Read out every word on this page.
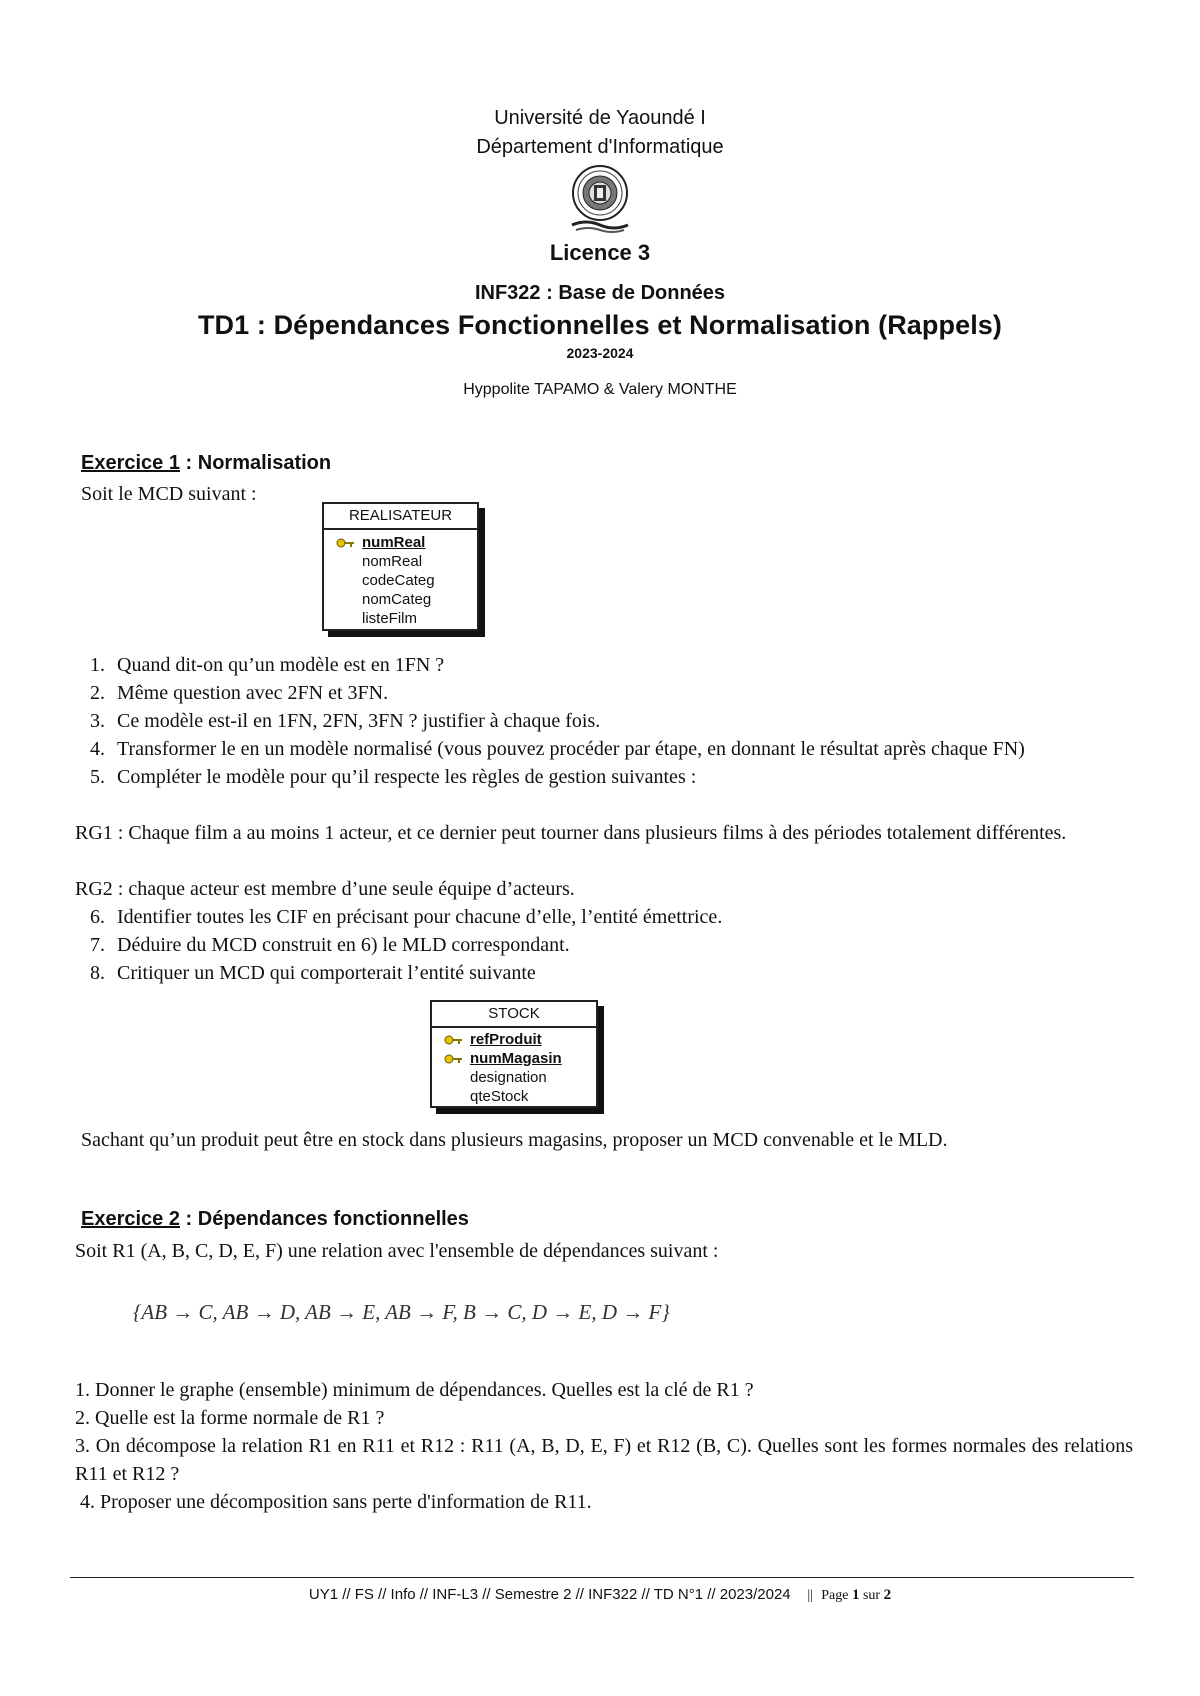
Université de Yaoundé I
Département d'Informatique
Licence 3
INF322 : Base de Données
TD1 : Dépendances Fonctionnelles et Normalisation (Rappels)
2023-2024
Hyppolite TAPAMO & Valery MONTHE
Exercice 1 : Normalisation
Soit le MCD suivant :
REALISATEUR
numReal
nomReal
codeCateg
nomCateg
listeFilm
1. Quand dit-on qu’un modèle est en 1FN ?
2. Même question avec 2FN et 3FN.
3. Ce modèle est-il en 1FN, 2FN, 3FN ? justifier à chaque fois.
4. Transformer le en un modèle normalisé (vous pouvez procéder par étape, en donnant le résultat après chaque FN)
5. Compléter le modèle pour qu’il respecte les règles de gestion suivantes :
RG1 : Chaque film a au moins 1 acteur, et ce dernier peut tourner dans plusieurs films à des périodes totalement différentes.
RG2 : chaque acteur est membre d’une seule équipe d’acteurs.
6. Identifier toutes les CIF en précisant pour chacune d’elle, l’entité émettrice.
7. Déduire du MCD construit en 6) le MLD correspondant.
8. Critiquer un MCD qui comporterait l’entité suivante
STOCK
refProduit
numMagasin
designation
qteStock
Sachant qu’un produit peut être en stock dans plusieurs magasins, proposer un MCD convenable et le MLD.
Exercice 2 : Dépendances fonctionnelles
Soit R1 (A, B, C, D, E, F) une relation avec l'ensemble de dépendances suivant :
{AB → C, AB → D, AB → E, AB → F, B → C, D → E, D → F}
1. Donner le graphe (ensemble) minimum de dépendances. Quelles est la clé de R1 ?
2. Quelle est la forme normale de R1 ?
3. On décompose la relation R1 en R11 et R12 : R11 (A, B, D, E, F) et R12 (B, C). Quelles sont les formes normales des relations R11 et R12 ?
4. Proposer une décomposition sans perte d'information de R11.
UY1 // FS // Info // INF-L3 // Semestre 2 // INF322 // TD N°1 // 2023/2024 || Page 1 sur 2
